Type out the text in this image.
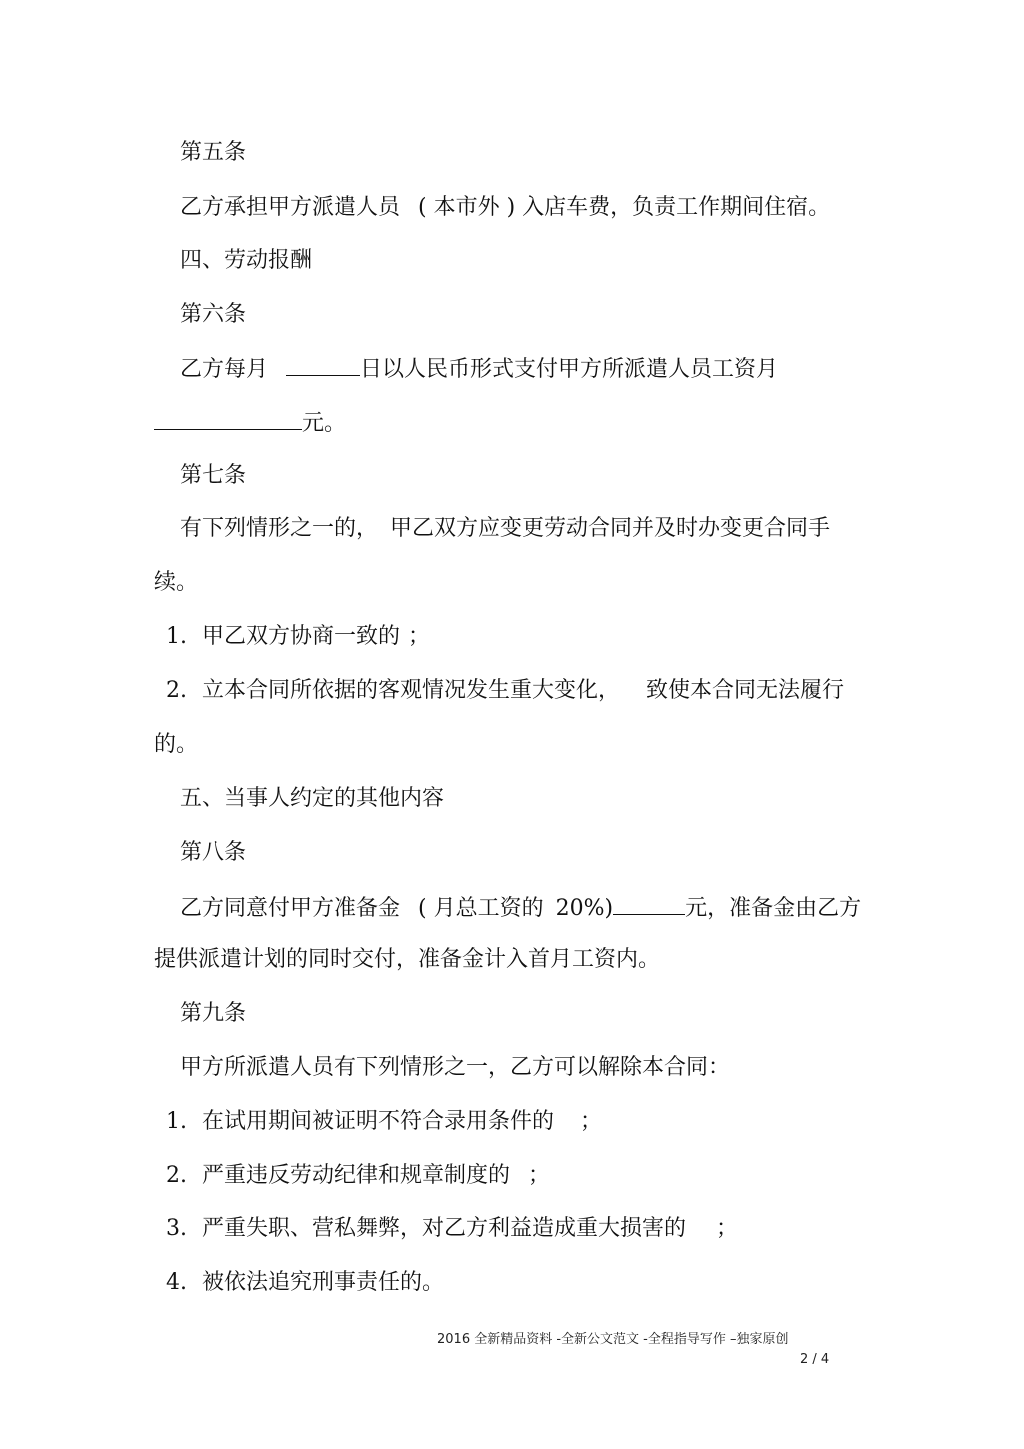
第五条
乙方承担甲方派遣人员 ( 本市外 ) 入店车费，负责工作期间住宿。
四、劳动报酬
第六条
乙方每月	日以人民币形式支付甲方所派遣人员工资月
元。
第七条
有下列情形之一的， 甲乙双方应变更劳动合同并及时办变更合同手
续。
1. 甲乙双方协商一致的 ；
2. 立本合同所依据的客观情况发生重大变化， 致使本合同无法履行
的。
五、当事人约定的其他内容
第八条
乙方同意付甲方准备金 ( 月总工资的 20%)	元，准备金由乙方
提供派遣计划的同时交付，准备金计入首月工资内。
第九条
甲方所派遣人员有下列情形之一，乙方可以解除本合同：
1. 在试用期间被证明不符合录用条件的 ；
2. 严重违反劳动纪律和规章制度的 ；
3. 严重失职、营私舞弊，对乙方利益造成重大损害的 ；
4. 被依法追究刑事责任的。
2016 全新精品资料 -全新公文范文 -全程指导写作 –独家原创
2 / 4
